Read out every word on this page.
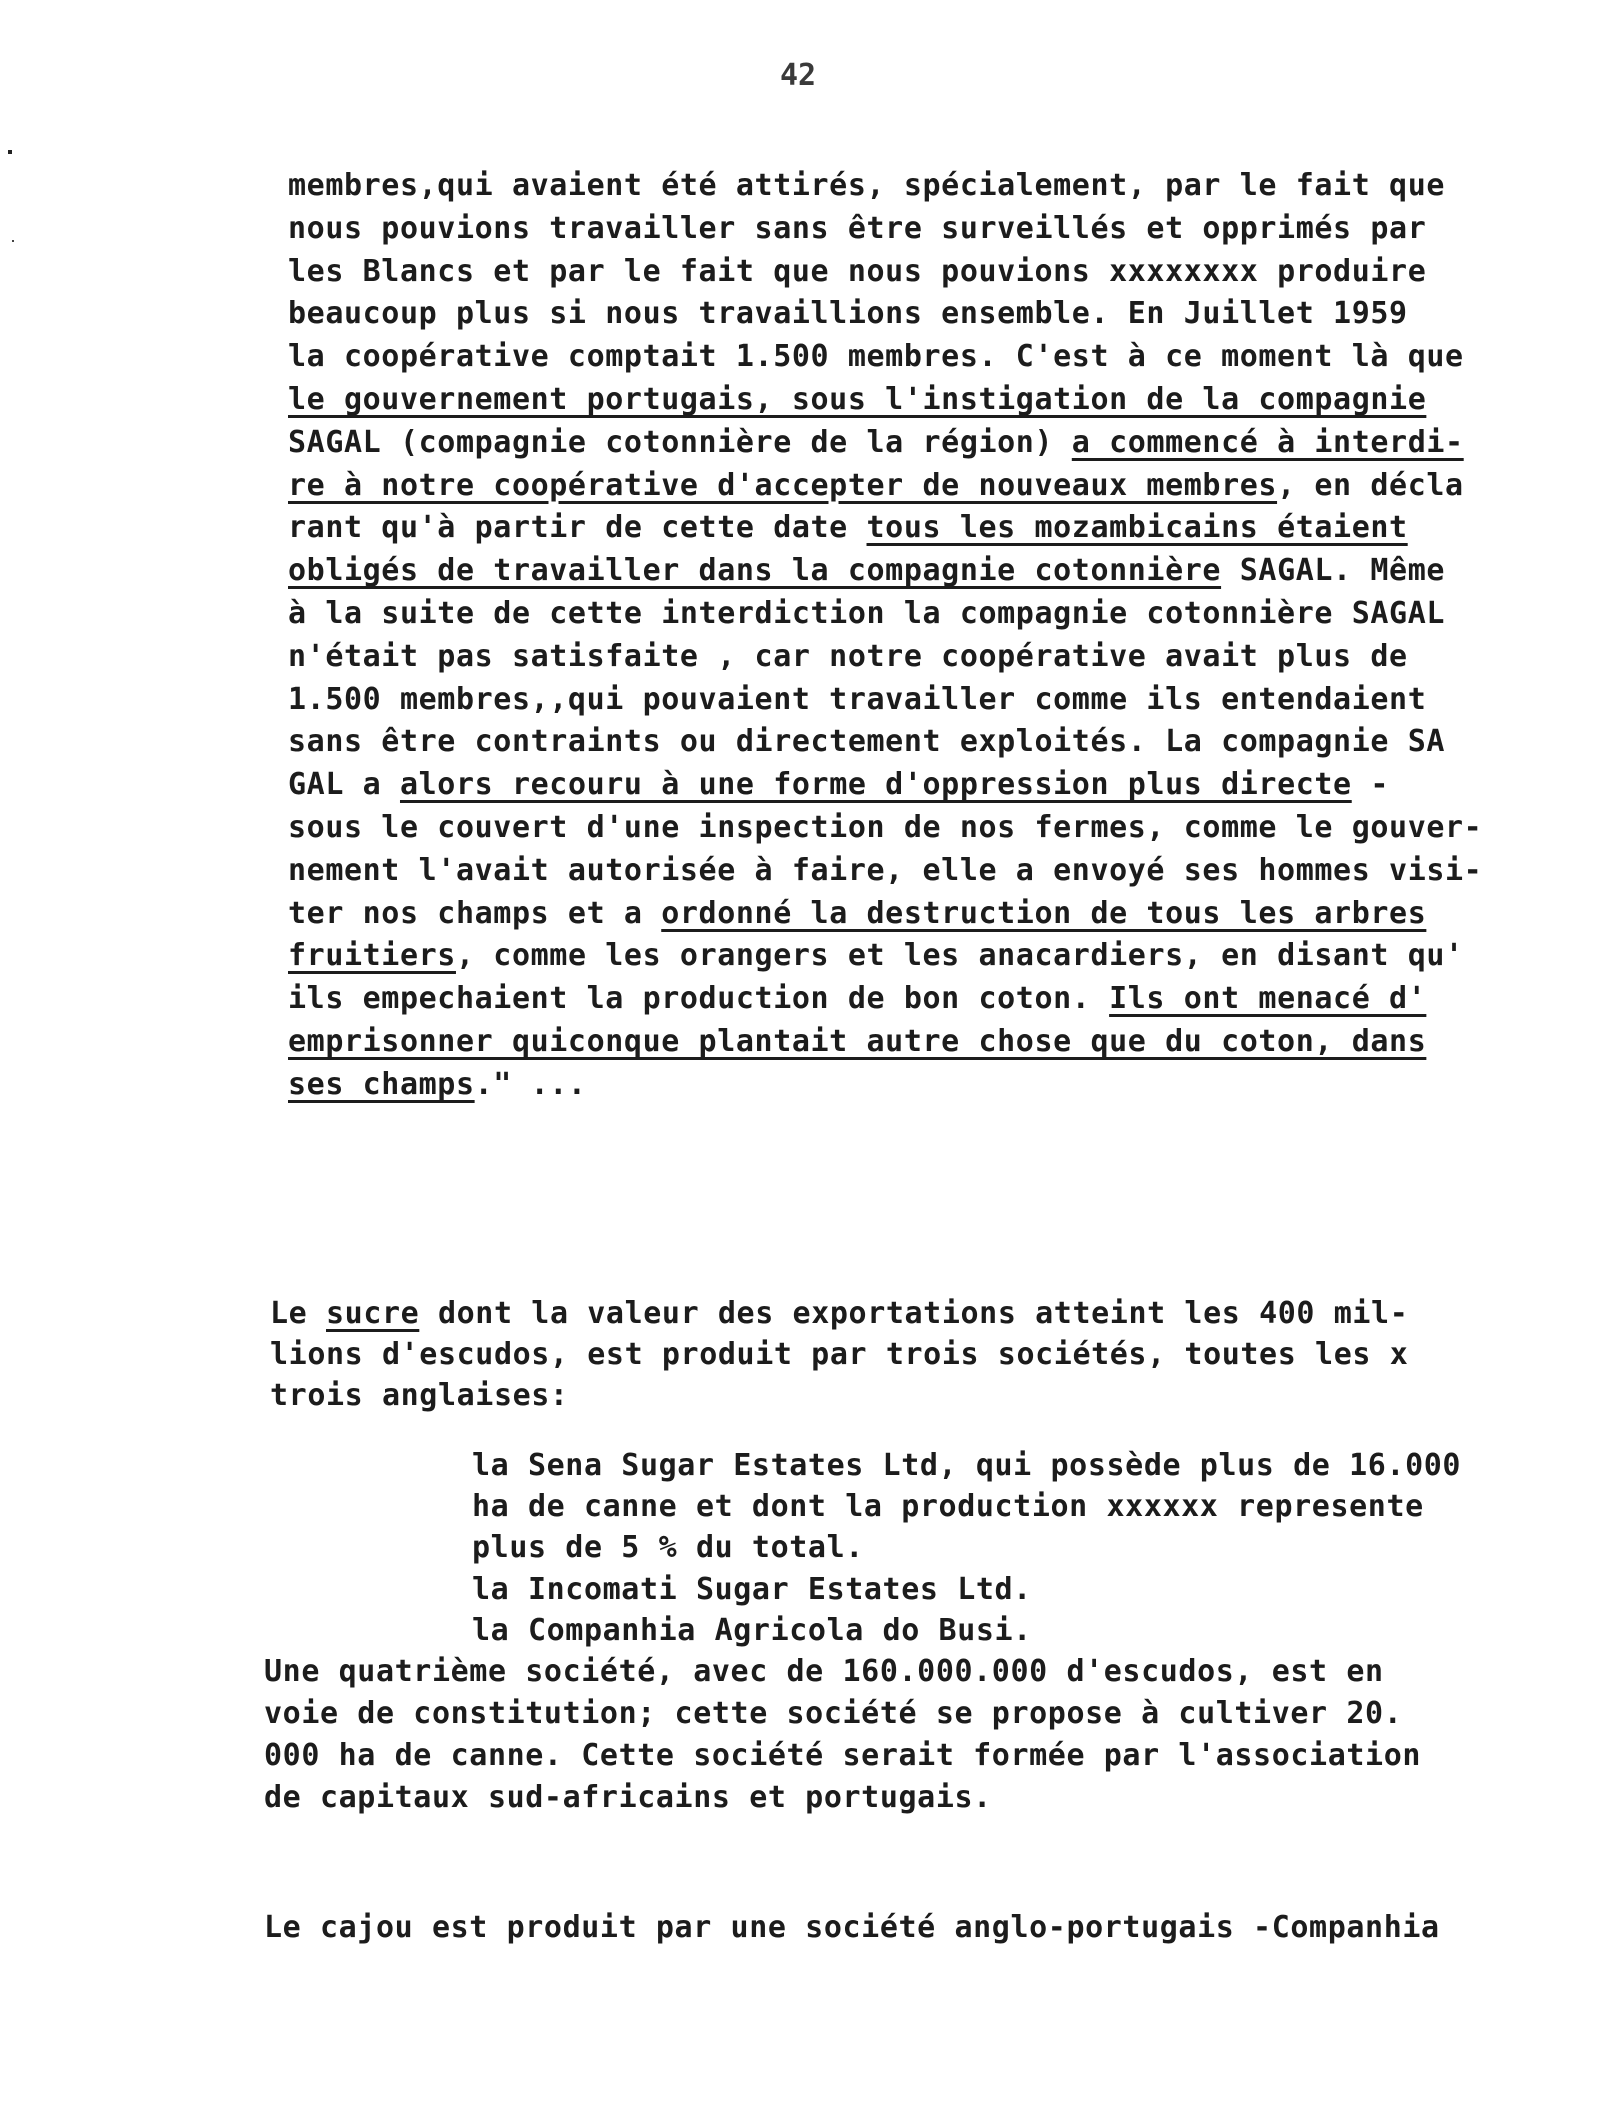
42
membres,qui avaient été attirés, spécialement, par le fait que
nous pouvions travailler sans être surveillés et opprimés par
les Blancs et par le fait que nous pouvions xxxxxxxx produire
beaucoup plus si nous travaillions ensemble. En Juillet 1959
la coopérative comptait 1.500 membres. C'est à ce moment là que
le gouvernement portugais, sous l'instigation de la compagnie
SAGAL (compagnie cotonnière de la région) a commencé à interdi-
re à notre coopérative d'accepter de nouveaux membres, en décla
rant qu'à partir de cette date tous les mozambicains étaient
obligés de travailler dans la compagnie cotonnière SAGAL. Même
à la suite de cette interdiction la compagnie cotonnière SAGAL
n'était pas satisfaite , car notre coopérative avait plus de
1.500 membres,,qui pouvaient travailler comme ils entendaient
sans être contraints ou directement exploités. La compagnie SA
GAL a alors recouru à une forme d'oppression plus directe -
sous le couvert d'une inspection de nos fermes, comme le gouver-
nement l'avait autorisée à faire, elle a envoyé ses hommes visi-
ter nos champs et a ordonné la destruction de tous les arbres
fruitiers, comme les orangers et les anacardiers, en disant qu'
ils empechaient la production de bon coton. Ils ont menacé d'
emprisonner quiconque plantait autre chose que du coton, dans
ses champs." ...
Le sucre dont la valeur des exportations atteint les 400 mil-
lions d'escudos, est produit par trois sociétés, toutes les x
trois anglaises:
la Sena Sugar Estates Ltd, qui possède plus de 16.000
ha de canne et dont la production xxxxxx represente
plus de 5 % du total.
la Incomati Sugar Estates Ltd.
la Companhia Agricola do Busi.
Une quatrième société, avec de 160.000.000 d'escudos, est en
voie de constitution; cette société se propose à cultiver 20.
000 ha de canne. Cette société serait formée par l'association
de capitaux sud-africains et portugais.
Le cajou est produit par une société anglo-portugais -Companhia
